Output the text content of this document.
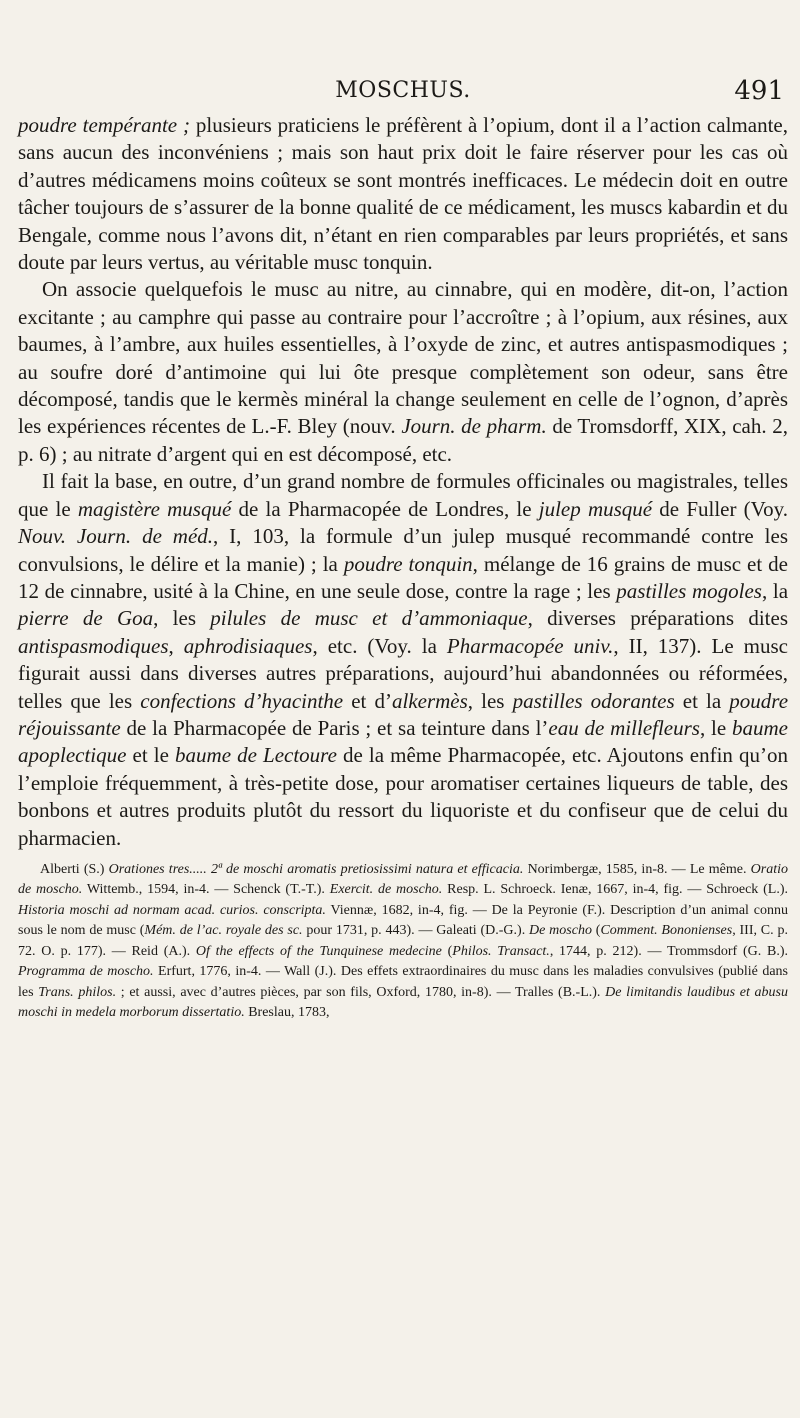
MOSCHUS.	491

poudre tempérante ; plusieurs praticiens le préfèrent à l’opium, dont il a l’action calmante, sans aucun des inconvéniens ; mais son haut prix doit le faire réserver pour les cas où d’autres médicamens moins coûteux se sont montrés inefficaces. Le médecin doit en outre tâcher toujours de s’assurer de la bonne qualité de ce médicament, les muscs kabardin et du Bengale, comme nous l’avons dit, n’étant en rien comparables par leurs propriétés, et sans doute par leurs vertus, au véritable musc tonquin.

On associe quelquefois le musc au nitre, au cinnabre, qui en modère, dit-on, l’action excitante ; au camphre qui passe au contraire pour l’accroître ; à l’opium, aux résines, aux baumes, à l’ambre, aux huiles essentielles, à l’oxyde de zinc, et autres antispasmodiques ; au soufre doré d’antimoine qui lui ôte presque complètement son odeur, sans être décomposé, tandis que le kermès minéral la change seulement en celle de l’ognon, d’après les expériences récentes de L.-F. Bley (nouv. Journ. de pharm. de Tromsdorff, XIX, cah. 2, p. 6) ; au nitrate d’argent qui en est décomposé, etc.

Il fait la base, en outre, d’un grand nombre de formules officinales ou magistrales, telles que le magistère musqué de la Pharmacopée de Londres, le julep musqué de Fuller (Voy. Nouv. Journ. de méd., I, 103, la formule d’un julep musqué recommandé contre les convulsions, le délire et la manie) ; la poudre tonquin, mélange de 16 grains de musc et de 12 de cinnabre, usité à la Chine, en une seule dose, contre la rage ; les pastilles mogoles, la pierre de Goa, les pilules de musc et d’ammoniaque, diverses préparations dites antispasmodiques, aphrodisiaques, etc. (Voy. la Pharmacopée univ., II, 137). Le musc figurait aussi dans diverses autres préparations, aujourd’hui abandonnées ou réformées, telles que les confections d’hyacinthe et d’alkermès, les pastilles odorantes et la poudre réjouissante de la Pharmacopée de Paris ; et sa teinture dans l’eau de millefleurs, le baume apoplectique et le baume de Lectoure de la même Pharmacopée, etc. Ajoutons enfin qu’on l’emploie fréquemment, à très-petite dose, pour aromatiser certaines liqueurs de table, des bonbons et autres produits plutôt du ressort du liquoriste et du confiseur que de celui du pharmacien.

Alberti (S.) Orationes tres..... 2ª de moschi aromatis pretiosissimi natura et efficacia. Norimbergæ, 1585, in-8. — Le même. Oratio de moscho. Wittemb., 1594, in-4. — Schenck (T.-T.). Exercit. de moscho. Resp. L. Schroeck. Ienæ, 1667, in-4, fig. — Schroeck (L.). Historia moschi ad normam acad. curios. conscripta. Viennæ, 1682, in-4, fig. — De la Peyronie (F.). Description d’un animal connu sous le nom de musc (Mém. de l’ac. royale des sc. pour 1731, p. 443). — Galeati (D.-G.). De moscho (Comment. Bononienses, III, C. p. 72. O. p. 177). — Reid (A.). Of the effects of the Tunquinese medecine (Philos. Transact., 1744, p. 212). — Trommsdorf (G. B.). Programma de moscho. Erfurt, 1776, in-4. — Wall (J.). Des effets extraordinaires du musc dans les maladies convulsives (publié dans les Trans. philos. ; et aussi, avec d’autres pièces, par son fils, Oxford, 1780, in-8). — Tralles (B.-L.). De limitandis laudibus et abusu moschi in medela morborum dissertatio. Breslau, 1783,
